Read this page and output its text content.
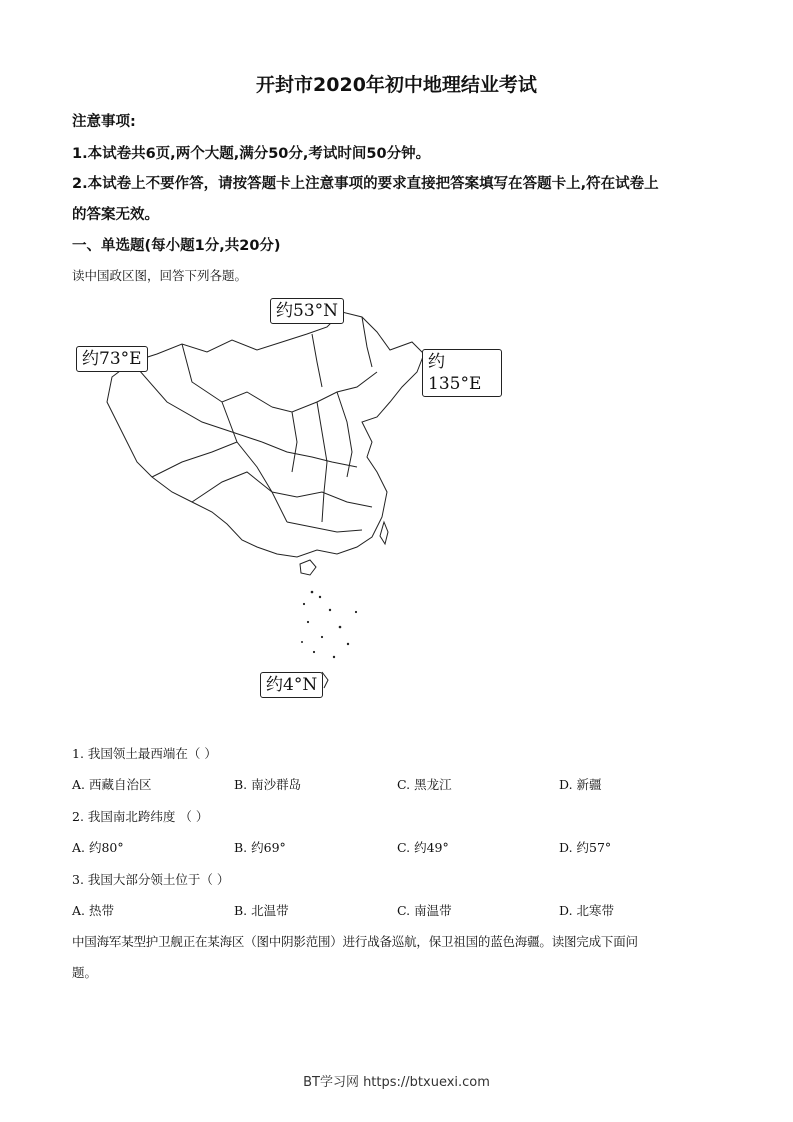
开封市2020年初中地理结业考试
注意事项:
1.本试卷共6页,两个大题,满分50分,考试时间50分钟。
2.本试卷上不要作答，请按答题卡上注意事项的要求直接把答案填写在答题卡上,符在试卷上
的答案无效。
一、单选题(每小题1分,共20分)
读中国政区图，回答下列各题。
约53°N
约73°E	约135°E
约4°N
1. 我国领土最西端在（ ）
A. 西藏自治区	B. 南沙群岛	C. 黑龙江	D. 新疆
2. 我国南北跨纬度 （ ）
A. 约80°	B. 约69°	C. 约49°	D. 约57°
3. 我国大部分领土位于（ ）
A. 热带	B. 北温带	C. 南温带	D. 北寒带
中国海军某型护卫舰正在某海区（图中阴影范围）进行战备巡航，保卫祖国的蓝色海疆。读图完成下面问
题。
BT学习网 https://btxuexi.com
